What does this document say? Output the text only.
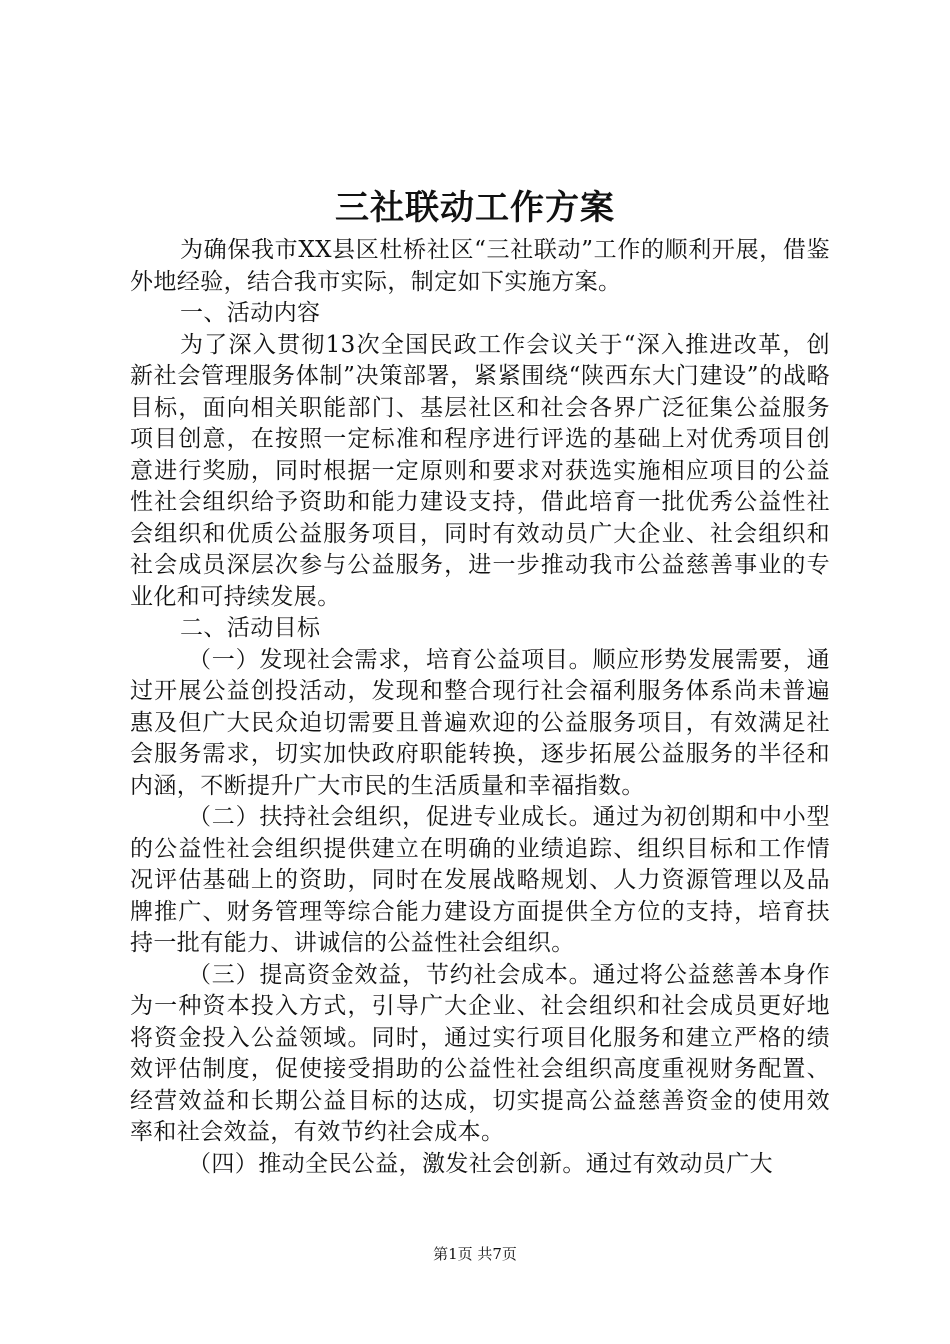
三社联动工作方案

为确保我市XX县区杜桥社区“三社联动”工作的顺利开展，借鉴外地经验，结合我市实际，制定如下实施方案。

一、活动内容

为了深入贯彻13次全国民政工作会议关于“深入推进改革，创新社会管理服务体制”决策部署，紧紧围绕“陕西东大门建设”的战略目标，面向相关职能部门、基层社区和社会各界广泛征集公益服务项目创意，在按照一定标准和程序进行评选的基础上对优秀项目创意进行奖励，同时根据一定原则和要求对获选实施相应项目的公益性社会组织给予资助和能力建设支持，借此培育一批优秀公益性社会组织和优质公益服务项目，同时有效动员广大企业、社会组织和社会成员深层次参与公益服务，进一步推动我市公益慈善事业的专业化和可持续发展。

二、活动目标

（一）发现社会需求，培育公益项目。顺应形势发展需要，通过开展公益创投活动，发现和整合现行社会福利服务体系尚未普遍惠及但广大民众迫切需要且普遍欢迎的公益服务项目，有效满足社会服务需求，切实加快政府职能转换，逐步拓展公益服务的半径和内涵，不断提升广大市民的生活质量和幸福指数。

（二）扶持社会组织，促进专业成长。通过为初创期和中小型的公益性社会组织提供建立在明确的业绩追踪、组织目标和工作情况评估基础上的资助，同时在发展战略规划、人力资源管理以及品牌推广、财务管理等综合能力建设方面提供全方位的支持，培育扶持一批有能力、讲诚信的公益性社会组织。

（三）提高资金效益，节约社会成本。通过将公益慈善本身作为一种资本投入方式，引导广大企业、社会组织和社会成员更好地将资金投入公益领域。同时，通过实行项目化服务和建立严格的绩效评估制度，促使接受捐助的公益性社会组织高度重视财务配置、经营效益和长期公益目标的达成，切实提高公益慈善资金的使用效率和社会效益，有效节约社会成本。

（四）推动全民公益，激发社会创新。通过有效动员广大

第1页 共7页
